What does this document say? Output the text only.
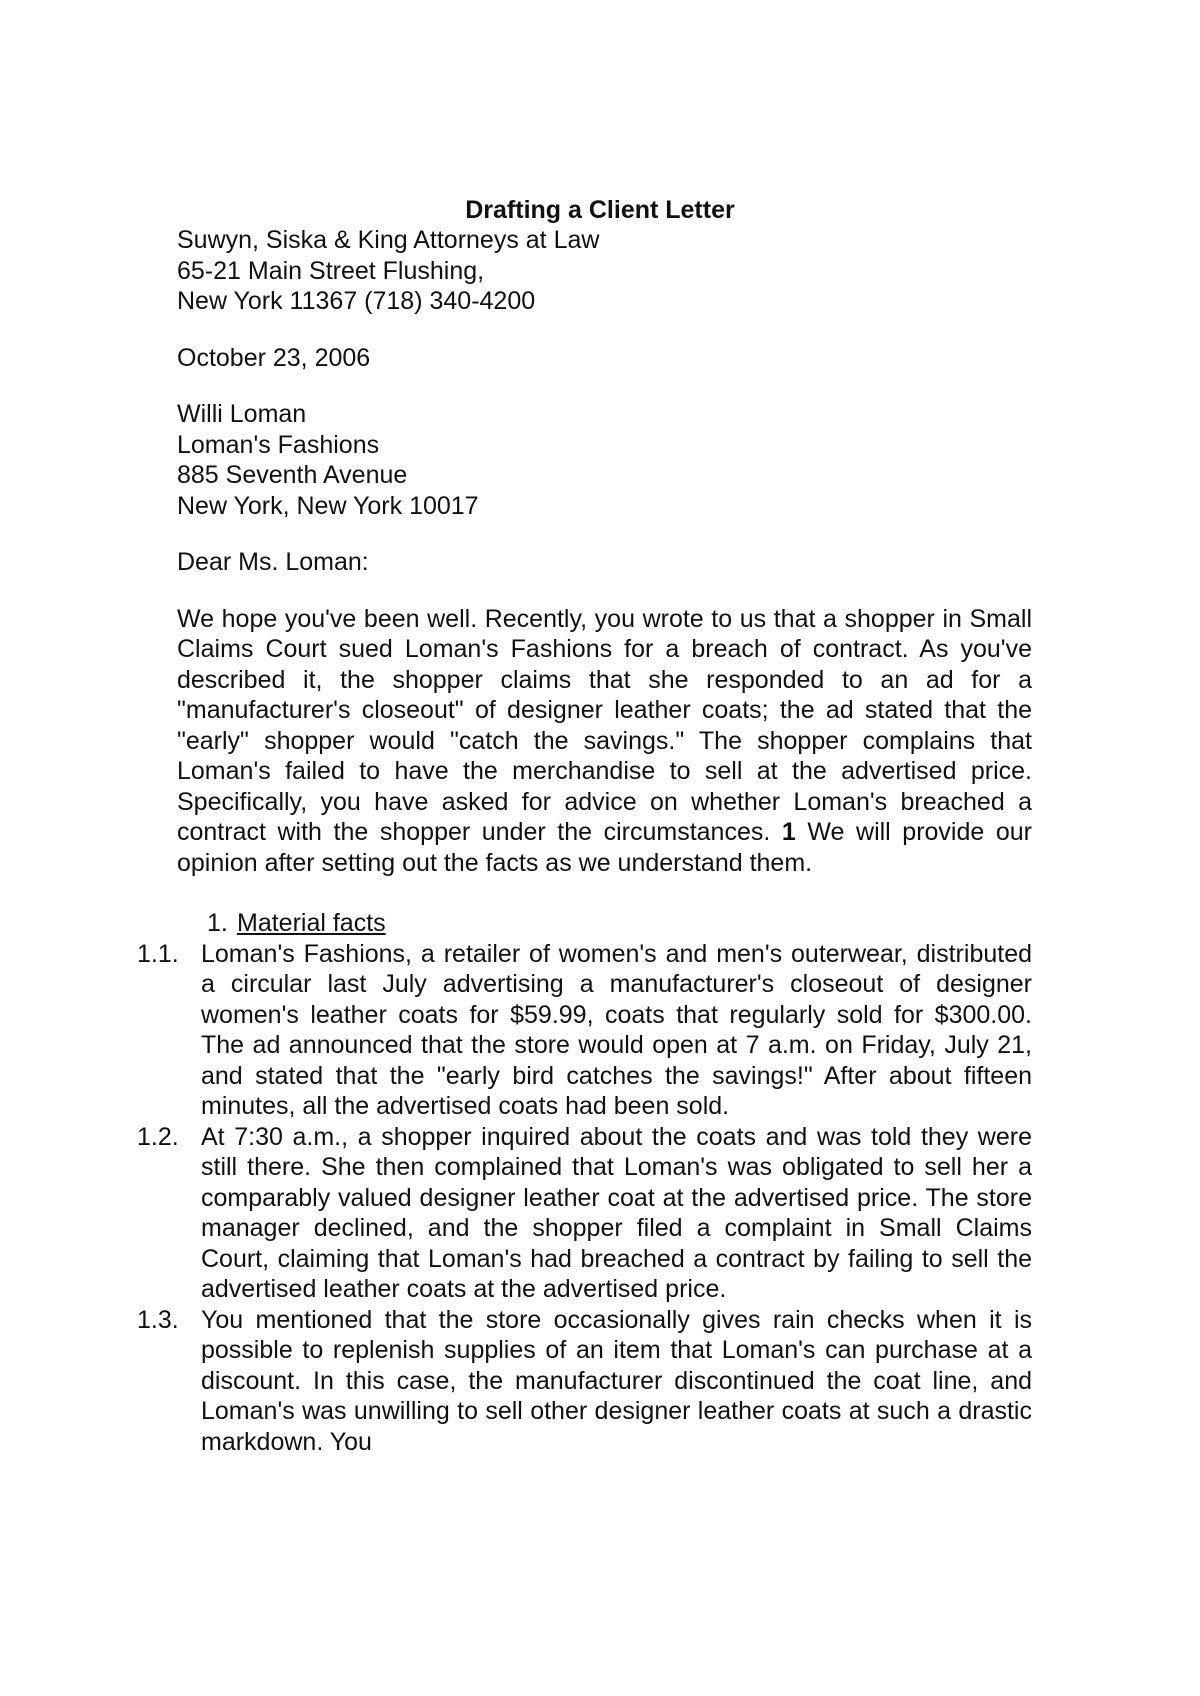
Drafting a Client Letter
Suwyn, Siska & King Attorneys at Law
65-21 Main Street Flushing,
New York 11367 (718) 340-4200
October 23, 2006
Willi Loman
Loman's Fashions
885 Seventh Avenue
New York, New York 10017
Dear Ms. Loman:

We hope you've been well. Recently, you wrote to us that a shopper in Small Claims Court sued Loman's Fashions for a breach of contract. As you've described it, the shopper claims that she responded to an ad for a "manufacturer's closeout" of designer leather coats; the ad stated that the "early" shopper would "catch the savings." The shopper complains that Loman's failed to have the merchandise to sell at the advertised price. Specifically, you have asked for advice on whether Loman's breached a contract with the shopper under the circumstances. 1 We will provide our opinion after setting out the facts as we understand them.

1. Material facts
1.1. Loman's Fashions, a retailer of women's and men's outerwear, distributed a circular last July advertising a manufacturer's closeout of designer women's leather coats for $59.99, coats that regularly sold for $300.00. The ad announced that the store would open at 7 a.m. on Friday, July 21, and stated that the "early bird catches the savings!" After about fifteen minutes, all the advertised coats had been sold.
1.2. At 7:30 a.m., a shopper inquired about the coats and was told they were still there. She then complained that Loman's was obligated to sell her a comparably valued designer leather coat at the advertised price. The store manager declined, and the shopper filed a complaint in Small Claims Court, claiming that Loman's had breached a contract by failing to sell the advertised leather coats at the advertised price.
1.3. You mentioned that the store occasionally gives rain checks when it is possible to replenish supplies of an item that Loman's can purchase at a discount. In this case, the manufacturer discontinued the coat line, and Loman's was unwilling to sell other designer leather coats at such a drastic markdown. You
